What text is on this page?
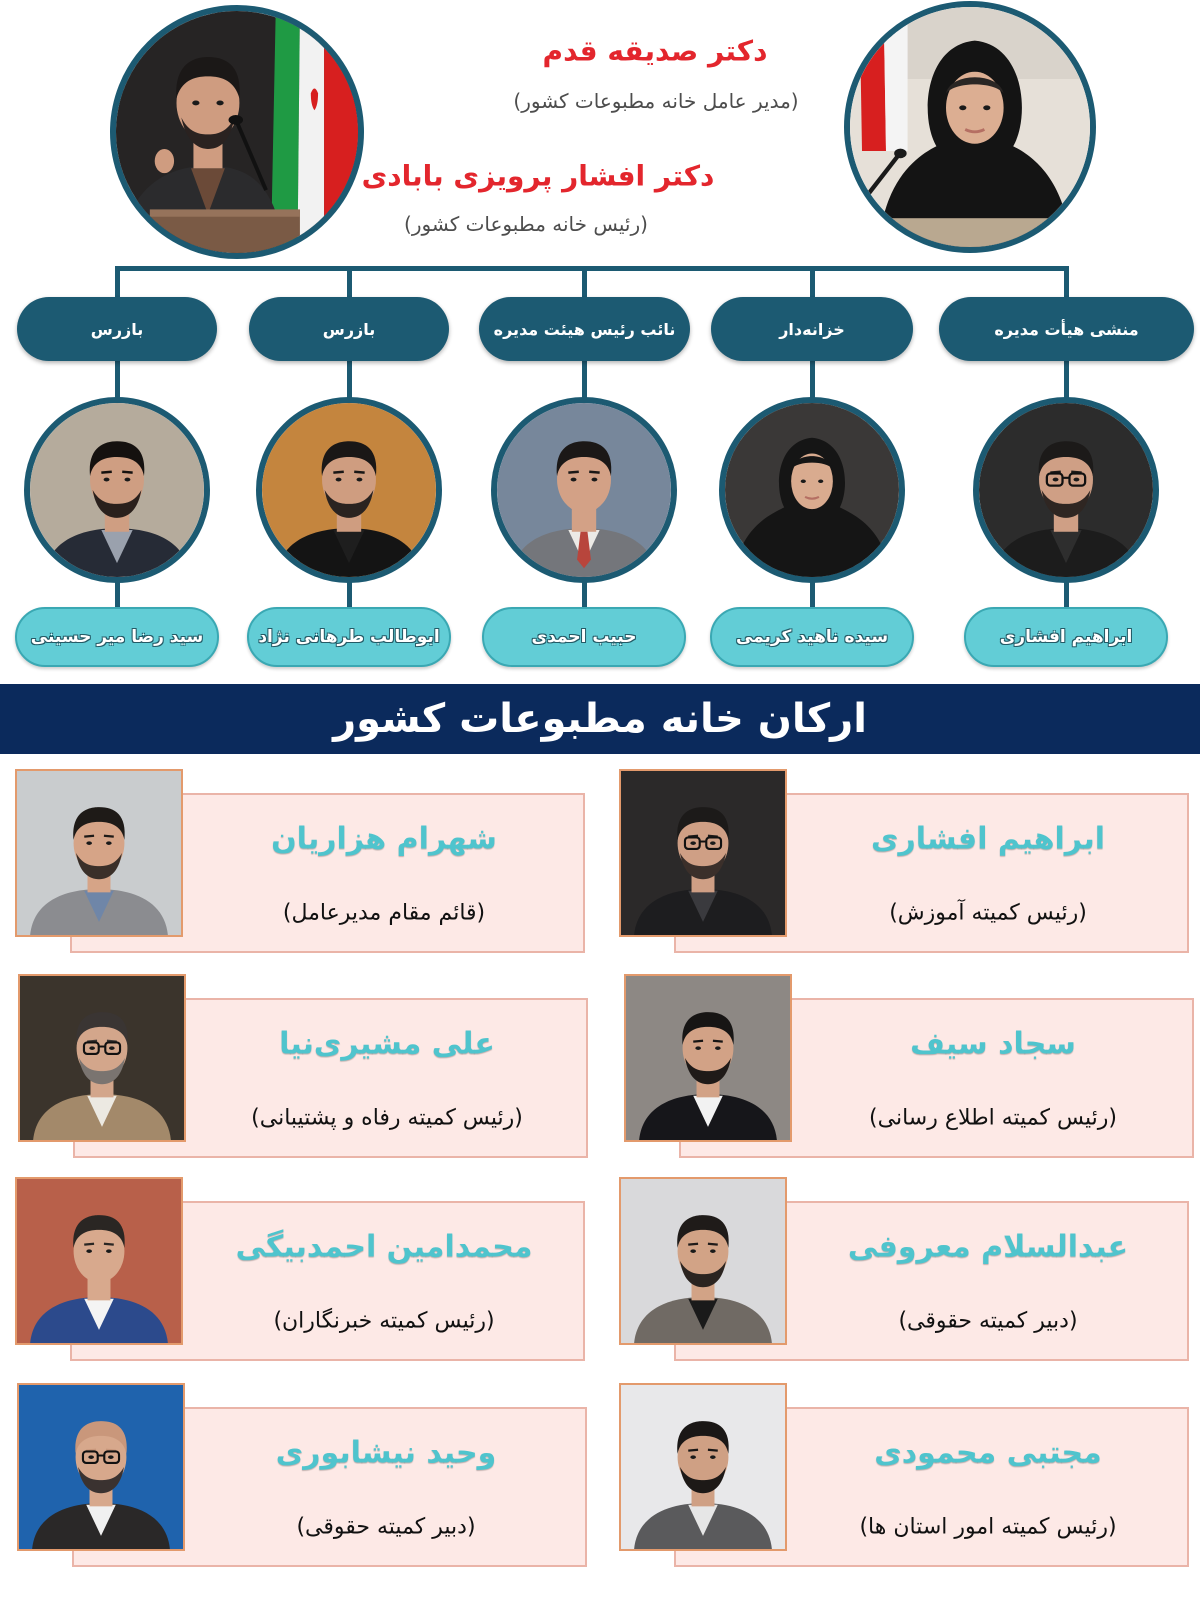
دکتر صدیقه قدم
(مدیر عامل خانه مطبوعات کشور)
دکتر افشار پرویزی بابادی
(رئیس خانه مطبوعات کشور)
بازرس	بازرس	نائب رئیس هیئت مدیره	خزانه‌دار	منشی هیأت مدیره
سید رضا میر حسینی	ابوطالب طرهانی نژاد	حبیب احمدی	سیده ناهید کریمی	ابراهیم افشاری
ارکان خانه مطبوعات کشور
ابراهیم افشاری
(رئیس کمیته آموزش)
شهرام هزاریان
(قائم مقام مدیرعامل)
سجاد سیف
(رئیس کمیته اطلاع رسانی)
علی مشیری‌نیا
(رئیس کمیته رفاه و پشتیبانی)
عبدالسلام معروفی
(دبیر کمیته حقوقی)
محمدامین احمدبیگی
(رئیس کمیته خبرنگاران)
مجتبی محمودی
(رئیس کمیته امور استان ها)
وحید نیشابوری
(دبیر کمیته حقوقی)
